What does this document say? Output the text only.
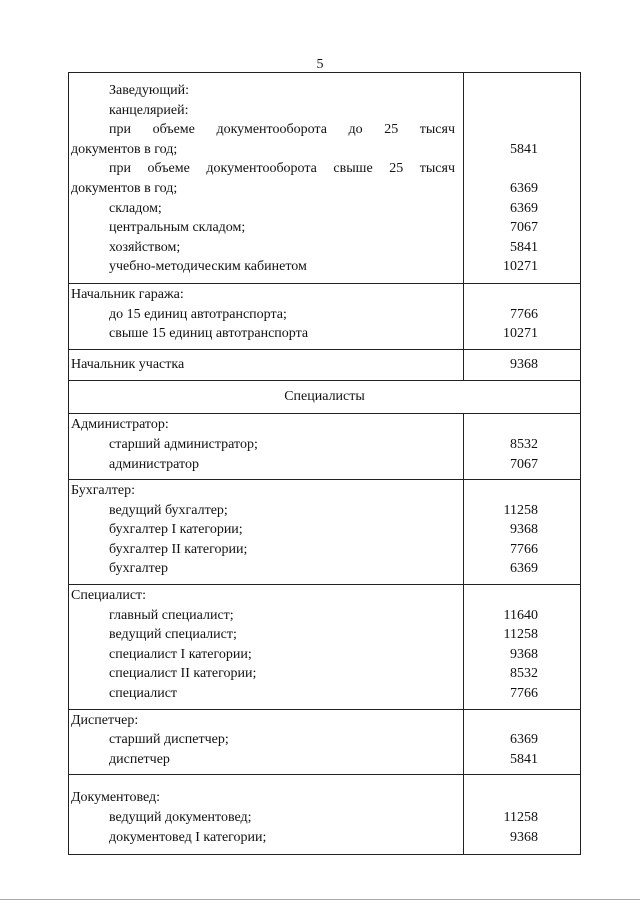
5
Заведующий:
канцелярией:
при объеме документооборота до 25 тысяч
документов в год;	5841
при объеме документооборота свыше 25 тысяч
документов в год;	6369
складом;	6369
центральным складом;	7067
хозяйством;	5841
учебно-методическим кабинетом	10271
Начальник гаража:
до 15 единиц автотранспорта;	7766
свыше 15 единиц автотранспорта	10271
Начальник участка	9368
Специалисты
Администратор:
старший администратор;	8532
администратор	7067
Бухгалтер:
ведущий бухгалтер;	11258
бухгалтер I категории;	9368
бухгалтер II категории;	7766
бухгалтер	6369
Специалист:
главный специалист;	11640
ведущий специалист;	11258
специалист I категории;	9368
специалист II категории;	8532
специалист	7766
Диспетчер:
старший диспетчер;	6369
диспетчер	5841
Документовед:
ведущий документовед;	11258
документовед I категории;	9368
